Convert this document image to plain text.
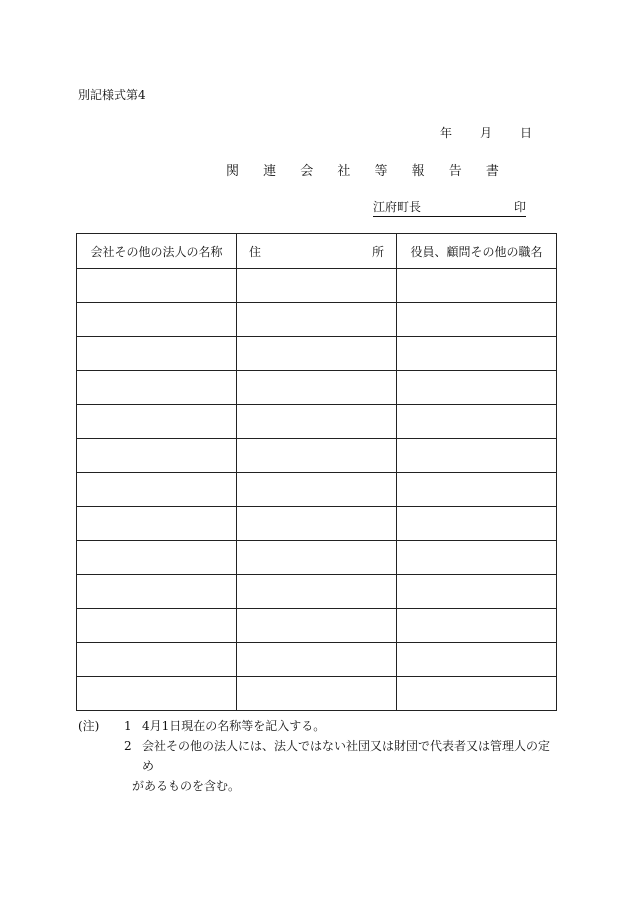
別記様式第4
年 月 日
関 連 会 社 等 報 告 書
江府町長	印
会社その他の法人の名称	住 所	役員、顧問その他の職名

(注)	1 4月1日現在の名称等を記入する。
2 会社その他の法人には、法人ではない社団又は財団で代表者又は管理人の定め
があるものを含む。
